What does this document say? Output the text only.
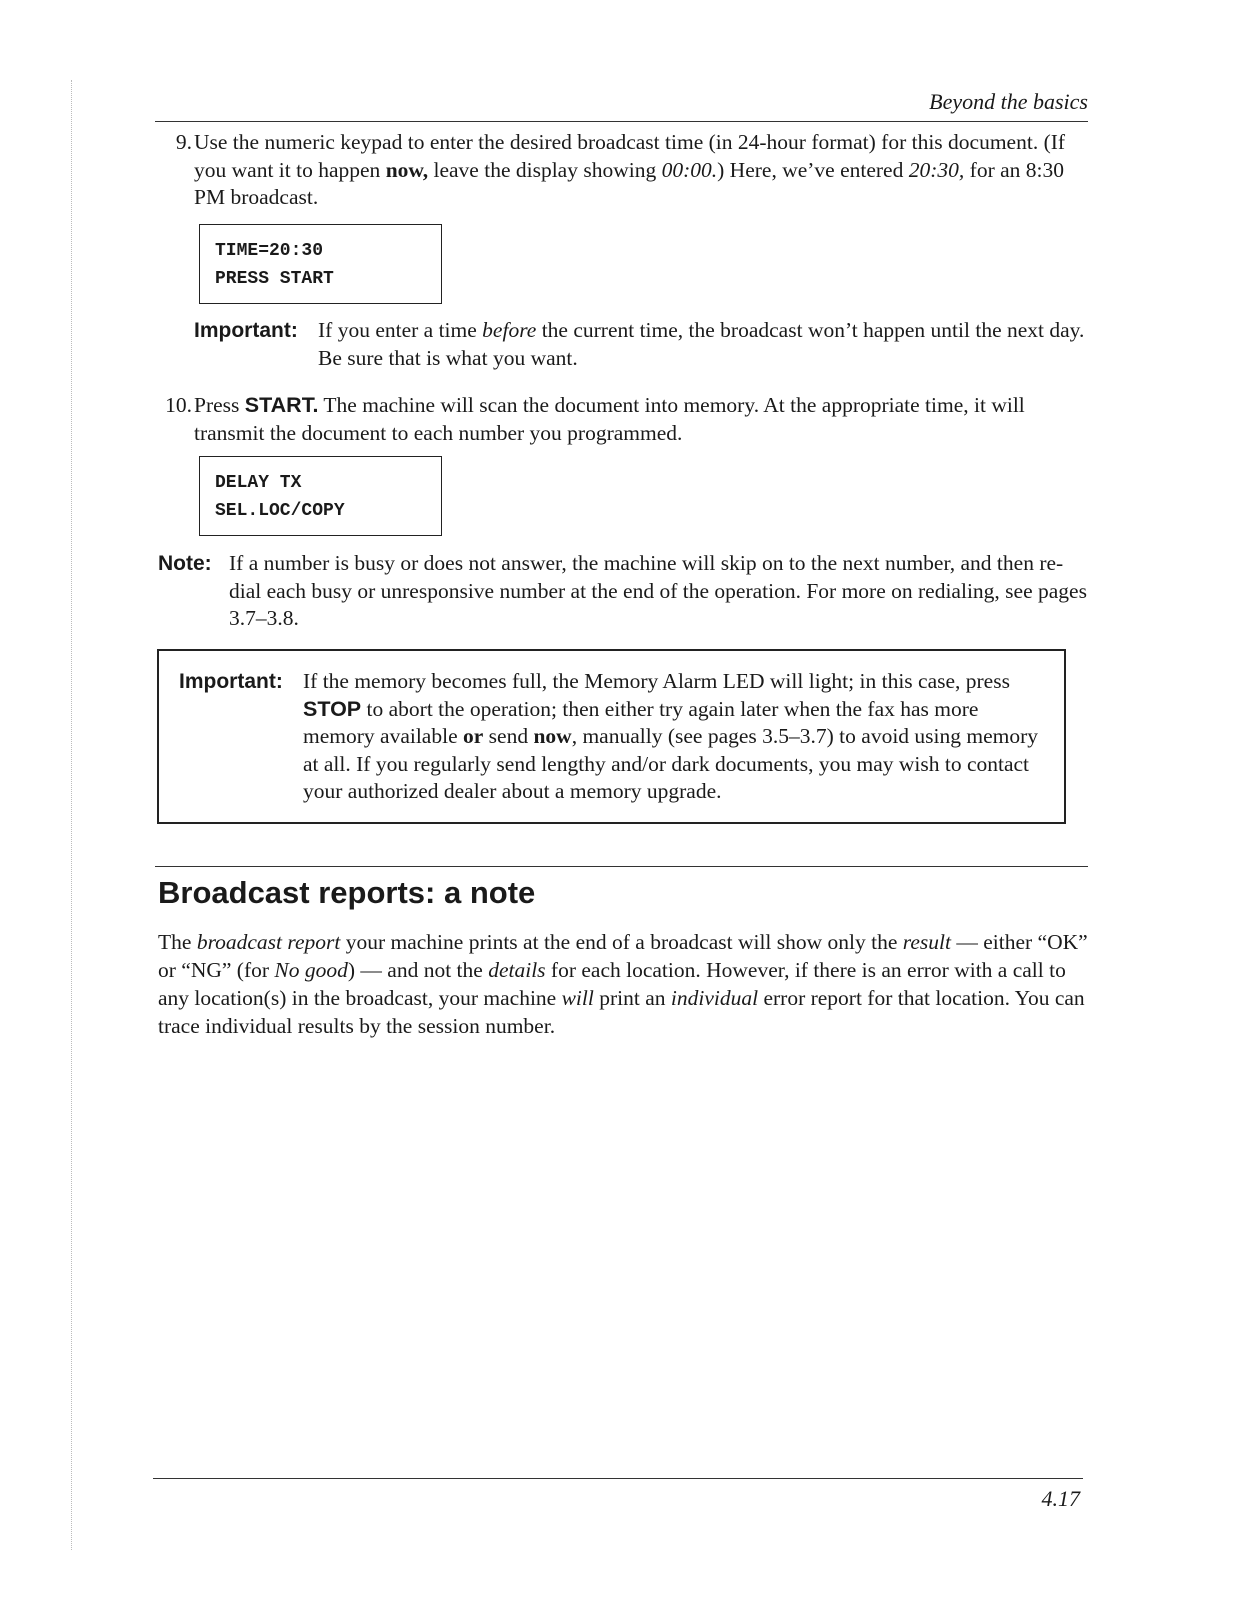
Beyond the basics
9. Use the numeric keypad to enter the desired broadcast time (in 24-hour format) for this document. (If you want it to happen now, leave the display showing 00:00.) Here, we’ve entered 20:30, for an 8:30 PM broadcast.
TIME=20:30
PRESS START
Important: If you enter a time before the current time, the broadcast won’t happen until the next day. Be sure that is what you want.
10. Press START. The machine will scan the document into memory. At the appropriate time, it will transmit the document to each number you programmed.
DELAY TX
SEL.LOC/COPY
Note: If a number is busy or does not answer, the machine will skip on to the next number, and then re-dial each busy or unresponsive number at the end of the operation. For more on redialing, see pages 3.7–3.8.
Important: If the memory becomes full, the Memory Alarm LED will light; in this case, press STOP to abort the operation; then either try again later when the fax has more memory available or send now, manually (see pages 3.5–3.7) to avoid using memory at all. If you regularly send lengthy and/or dark documents, you may wish to contact your authorized dealer about a memory upgrade.
Broadcast reports: a note
The broadcast report your machine prints at the end of a broadcast will show only the result — either “OK” or “NG” (for No good) — and not the details for each location. However, if there is an error with a call to any location(s) in the broadcast, your machine will print an individual error report for that location. You can trace individual results by the session number.
4.17
